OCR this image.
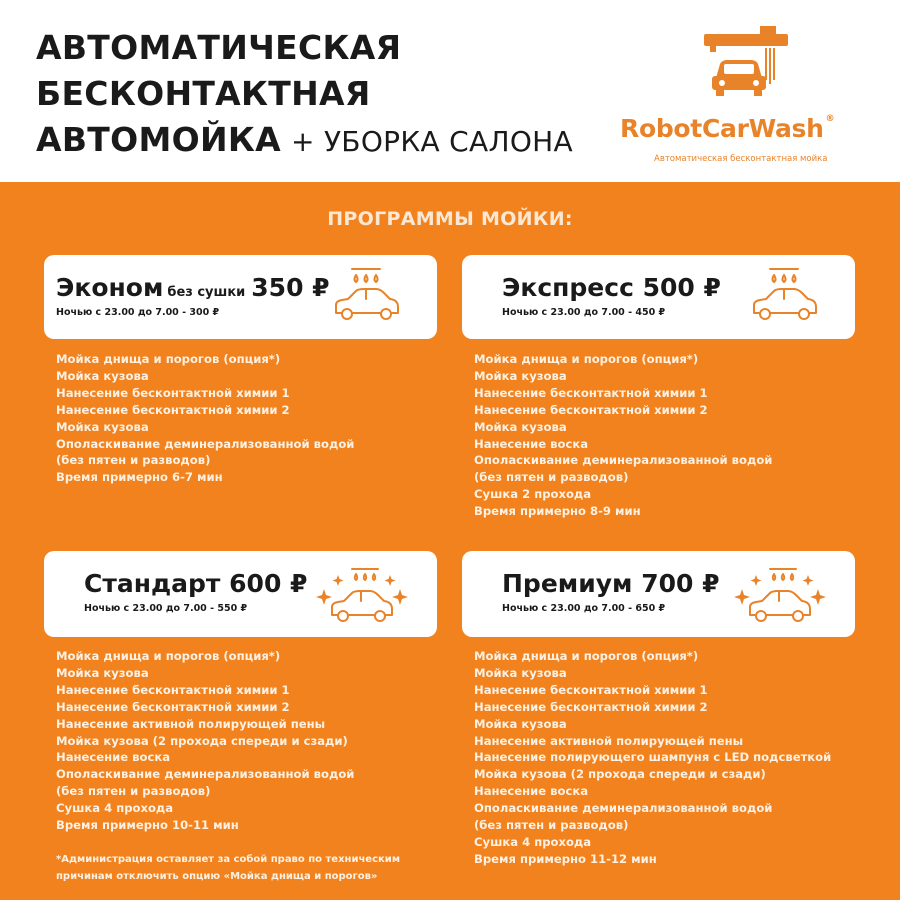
АВТОМАТИЧЕСКАЯ
БЕСКОНТАКТНАЯ
АВТОМОЙКА + УБОРКА САЛОНА RobotCarWash ®
Автоматическая бесконтактная мойка
ПРОГРАММЫ МОЙКИ:
Эконом без сушки 350 ₽
Ночью с 23.00 до 7.00 - 300 ₽
Мойка днища и порогов (опция*)
Мойка кузова
Нанесение бесконтактной химии 1
Нанесение бесконтактной химии 2
Мойка кузова
Ополаскивание деминерализованной водой
(без пятен и разводов)
Время примерно 6-7 мин
Экспресс 500 ₽
Ночью с 23.00 до 7.00 - 450 ₽
Мойка днища и порогов (опция*)
Мойка кузова
Нанесение бесконтактной химии 1
Нанесение бесконтактной химии 2
Мойка кузова
Нанесение воска
Ополаскивание деминерализованной водой
(без пятен и разводов)
Сушка 2 прохода
Время примерно 8-9 мин
Стандарт 600 ₽
Ночью с 23.00 до 7.00 - 550 ₽
Мойка днища и порогов (опция*)
Мойка кузова
Нанесение бесконтактной химии 1
Нанесение бесконтактной химии 2
Нанесение активной полирующей пены
Мойка кузова (2 прохода спереди и сзади)
Нанесение воска
Ополаскивание деминерализованной водой
(без пятен и разводов)
Сушка 4 прохода
Время примерно 10-11 мин
Премиум 700 ₽
Ночью с 23.00 до 7.00 - 650 ₽
Мойка днища и порогов (опция*)
Мойка кузова
Нанесение бесконтактной химии 1
Нанесение бесконтактной химии 2
Мойка кузова
Нанесение активной полирующей пены
Нанесение полирующего шампуня с LED подсветкой
Мойка кузова (2 прохода спереди и сзади)
Нанесение воска
Ополаскивание деминерализованной водой
(без пятен и разводов)
Сушка 4 прохода
Время примерно 11-12 мин
*Администрация оставляет за собой право по техническим
причинам отключить опцию «Мойка днища и порогов»
